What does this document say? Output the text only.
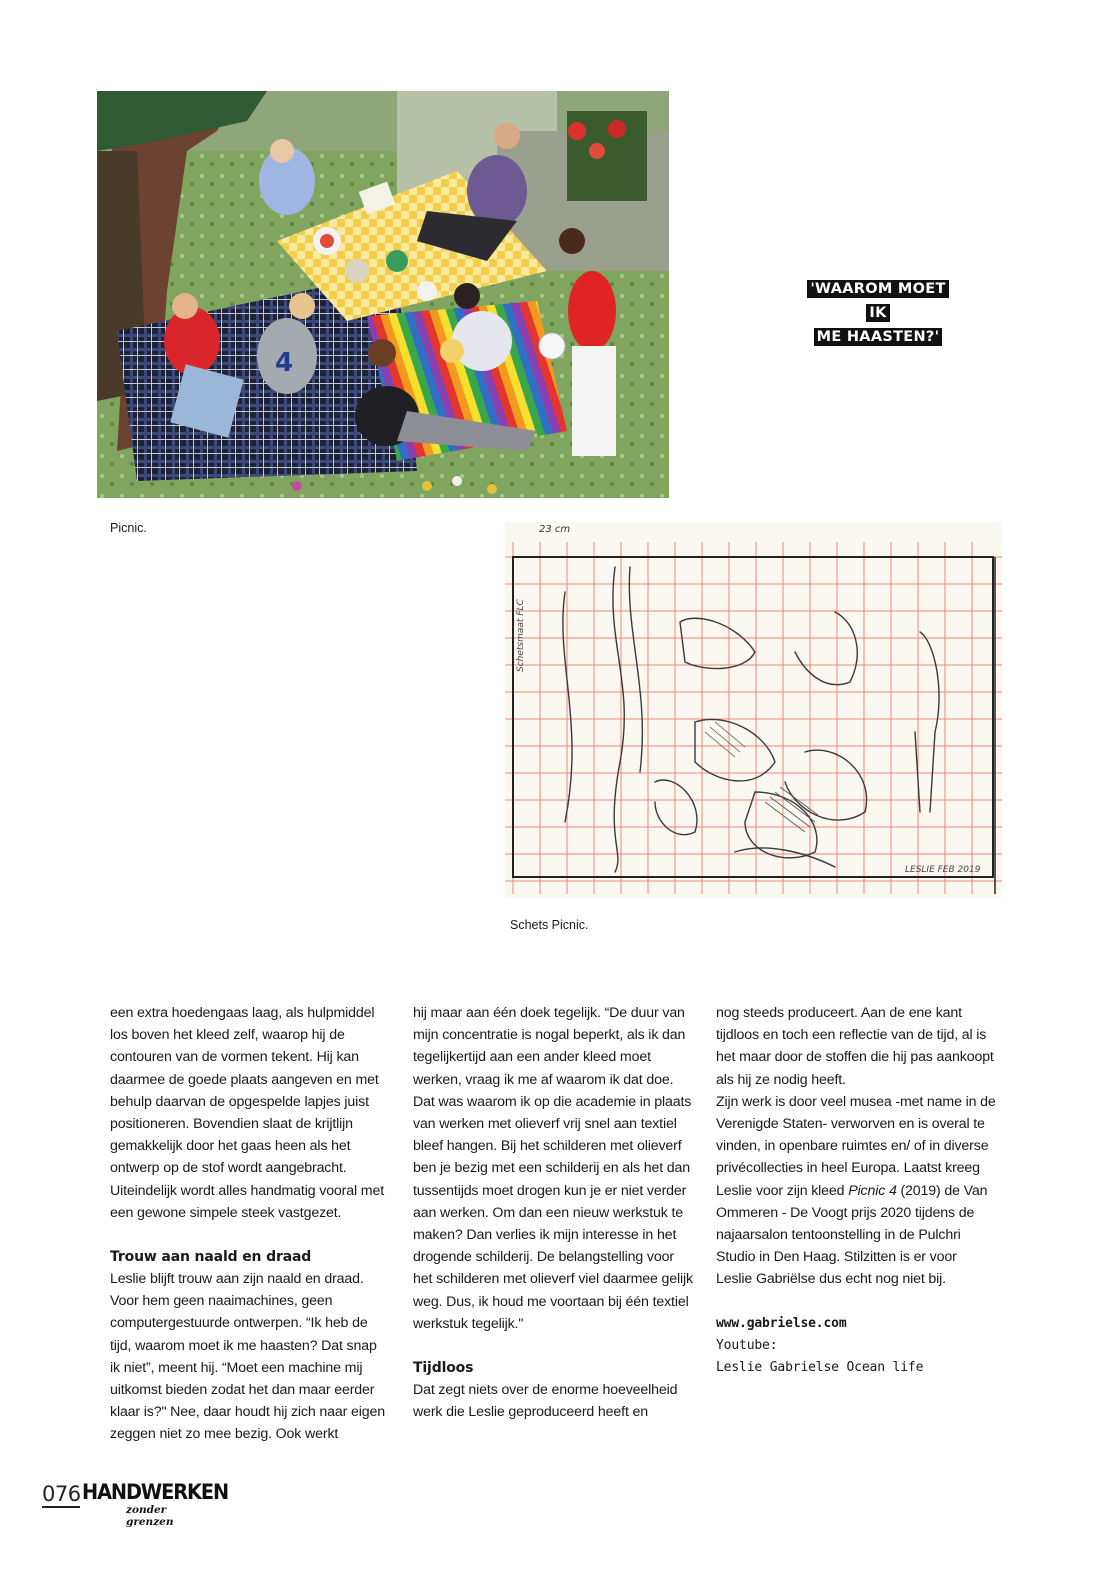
4
Picnic.
'WAAROM MOET IK
ME HAASTEN?'
23 cm
LESLIE FEB 2019
Schetsmaat FLC
Schets Picnic.

een extra hoedengaas laag, als hulpmiddel los boven het kleed zelf, waarop hij de contouren van de vormen tekent. Hij kan daarmee de goede plaats aangeven en met behulp daarvan de opgespelde lapjes juist positioneren. Bovendien slaat de krijtlijn gemakkelijk door het gaas heen als het ontwerp op de stof wordt aangebracht. Uiteindelijk wordt alles handmatig vooral met een gewone simpele steek vastgezet.

Trouw aan naald en draad

Leslie blijft trouw aan zijn naald en draad. Voor hem geen naaimachines, geen computergestuurde ontwerpen. “Ik heb de tijd, waarom moet ik me haasten? Dat snap ik niet”, meent hij. “Moet een machine mij uitkomst bieden zodat het dan maar eerder klaar is?" Nee, daar houdt hij zich naar eigen zeggen niet zo mee bezig. Ook werkt

hij maar aan één doek tegelijk. “De duur van mijn concentratie is nogal beperkt, als ik dan tegelijkertijd aan een ander kleed moet werken, vraag ik me af waarom ik dat doe. Dat was waarom ik op die academie in plaats van werken met olieverf vrij snel aan textiel bleef hangen. Bij het schilderen met olieverf ben je bezig met een schilderij en als het dan tussentijds moet drogen kun je er niet verder aan werken. Om dan een nieuw werkstuk te maken? Dan verlies ik mijn interesse in het drogende schilderij. De belangstelling voor het schilderen met olieverf viel daarmee gelijk weg. Dus, ik houd me voortaan bij één textiel werkstuk tegelijk."

Tijdloos

Dat zegt niets over de enorme hoeveelheid werk die Leslie geproduceerd heeft en

nog steeds produceert. Aan de ene kant tijdloos en toch een reflectie van de tijd, al is het maar door de stoffen die hij pas aankoopt als hij ze nodig heeft.

Zijn werk is door veel musea -met name in de Verenigde Staten- verworven en is overal te vinden, in openbare ruimtes en/ of in diverse privécollecties in heel Europa. Laatst kreeg Leslie voor zijn kleed Picnic 4 (2019) de Van Ommeren - De Voogt prijs 2020 tijdens de najaarsalon tentoonstelling in de Pulchri Studio in Den Haag. Stilzitten is er voor Leslie Gabriëlse dus echt nog niet bij.

www.gabrielse.com

Youtube:

Leslie Gabrielse Ocean life

076 HANDWERKEN
zonder grenzen
